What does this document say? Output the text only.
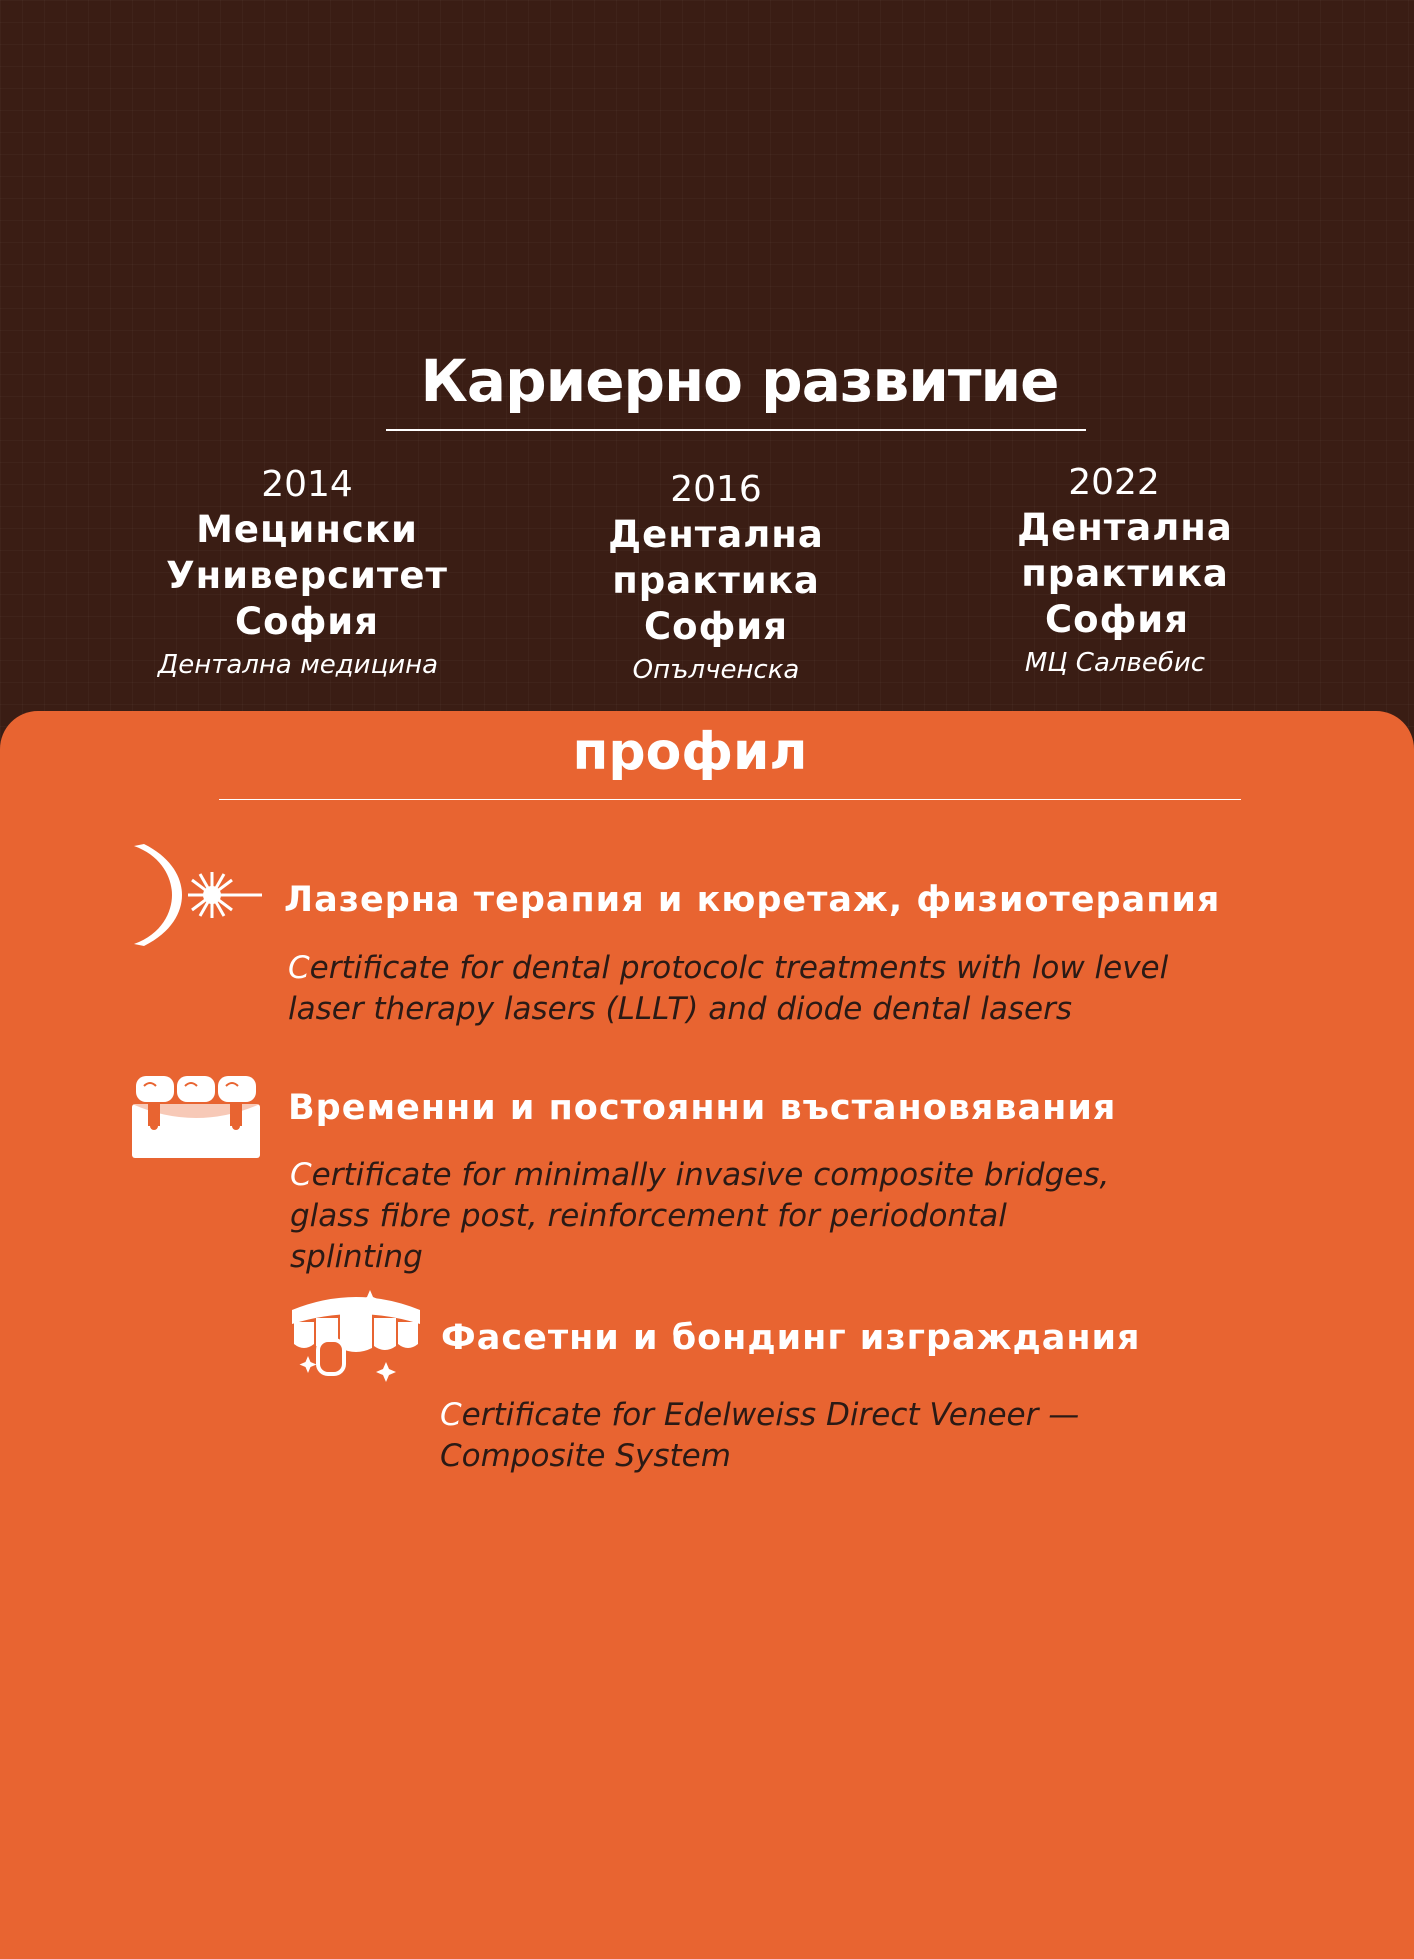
Кариерно развитие
2014
Мецински
Университет
София
Дентална медицина
2016
Дентална
практика
София
Опълченска
2022
Дентална
практика
София
МЦ Салвебис
профил
Лазерна терапия и кюретаж, физиотерапия
Certificate for dental protocolc treatments with low level
laser therapy lasers (LLLT) and diode dental lasers
Временни и постоянни въстановявания
Certificate for minimally invasive composite bridges,
glass fibre post, reinforcement for periodontal
splinting
Фасетни и бондинг изграждания
Certificate for Edelweiss Direct Veneer —
Composite System
